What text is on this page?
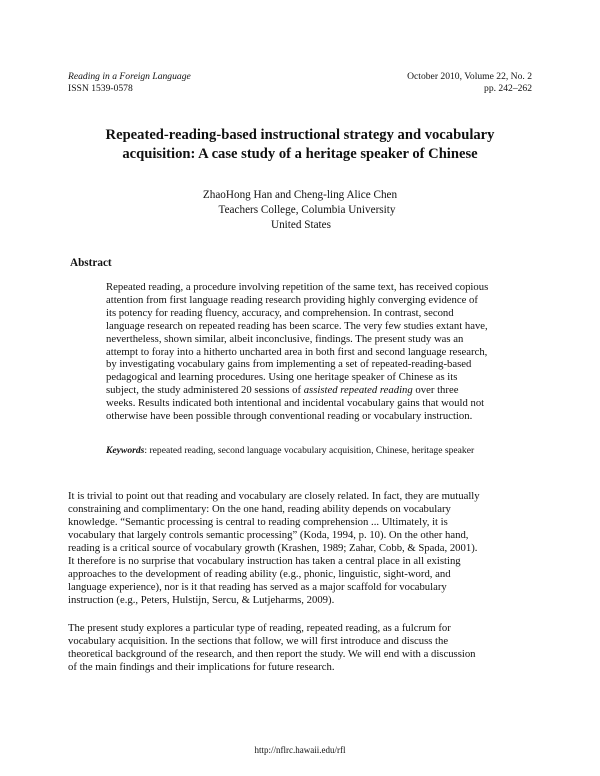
Reading in a Foreign Language
ISSN 1539-0578
October 2010, Volume 22, No. 2
pp. 242–262
Repeated-reading-based instructional strategy and vocabulary
acquisition: A case study of a heritage speaker of Chinese
ZhaoHong Han and Cheng-ling Alice Chen
Teachers College, Columbia University
United States
Abstract
Repeated reading, a procedure involving repetition of the same text, has received copious
attention from first language reading research providing highly converging evidence of
its potency for reading fluency, accuracy, and comprehension. In contrast, second
language research on repeated reading has been scarce. The very few studies extant have,
nevertheless, shown similar, albeit inconclusive, findings. The present study was an
attempt to foray into a hitherto uncharted area in both first and second language research,
by investigating vocabulary gains from implementing a set of repeated-reading-based
pedagogical and learning procedures. Using one heritage speaker of Chinese as its
subject, the study administered 20 sessions of assisted repeated reading over three
weeks. Results indicated both intentional and incidental vocabulary gains that would not
otherwise have been possible through conventional reading or vocabulary instruction.
Keywords: repeated reading, second language vocabulary acquisition, Chinese, heritage speaker
It is trivial to point out that reading and vocabulary are closely related. In fact, they are mutually
constraining and complimentary: On the one hand, reading ability depends on vocabulary
knowledge. “Semantic processing is central to reading comprehension ... Ultimately, it is
vocabulary that largely controls semantic processing” (Koda, 1994, p. 10). On the other hand,
reading is a critical source of vocabulary growth (Krashen, 1989; Zahar, Cobb, & Spada, 2001).
It therefore is no surprise that vocabulary instruction has taken a central place in all existing
approaches to the development of reading ability (e.g., phonic, linguistic, sight-word, and
language experience), nor is it that reading has served as a major scaffold for vocabulary
instruction (e.g., Peters, Hulstijn, Sercu, & Lutjeharms, 2009).
The present study explores a particular type of reading, repeated reading, as a fulcrum for
vocabulary acquisition. In the sections that follow, we will first introduce and discuss the
theoretical background of the research, and then report the study. We will end with a discussion
of the main findings and their implications for future research.
http://nflrc.hawaii.edu/rfl
